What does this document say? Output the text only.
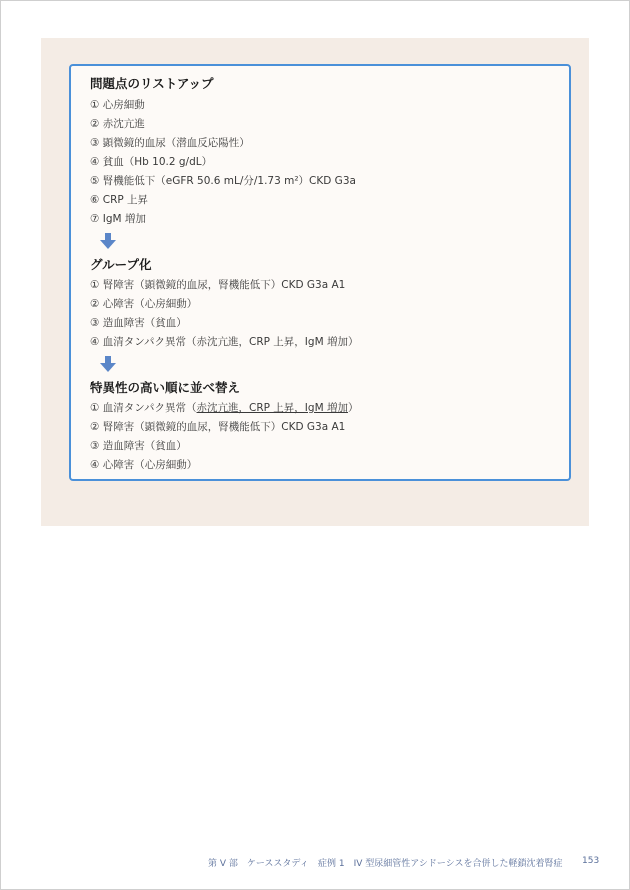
問題点のリストアップ
① 心房細動
② 赤沈亢進
③ 顕微鏡的血尿（潜血反応陽性）
④ 貧血（Hb 10.2 g/dL）
⑤ 腎機能低下（eGFR 50.6 mL/分/1.73 m²）CKD G3a
⑥ CRP 上昇
⑦ IgM 増加
グループ化
① 腎障害（顕微鏡的血尿，腎機能低下）CKD G3a A1
② 心障害（心房細動）
③ 造血障害（貧血）
④ 血清タンパク異常（赤沈亢進，CRP 上昇，IgM 増加）
特異性の高い順に並べ替え
① 血清タンパク異常（赤沈亢進，CRP 上昇，IgM 増加）
② 腎障害（顕微鏡的血尿，腎機能低下）CKD G3a A1
③ 造血障害（貧血）
④ 心障害（心房細動）
第 V 部　ケーススタディ 症例 1　IV 型尿細管性アシドーシスを合併した軽鎖沈着腎症 153
